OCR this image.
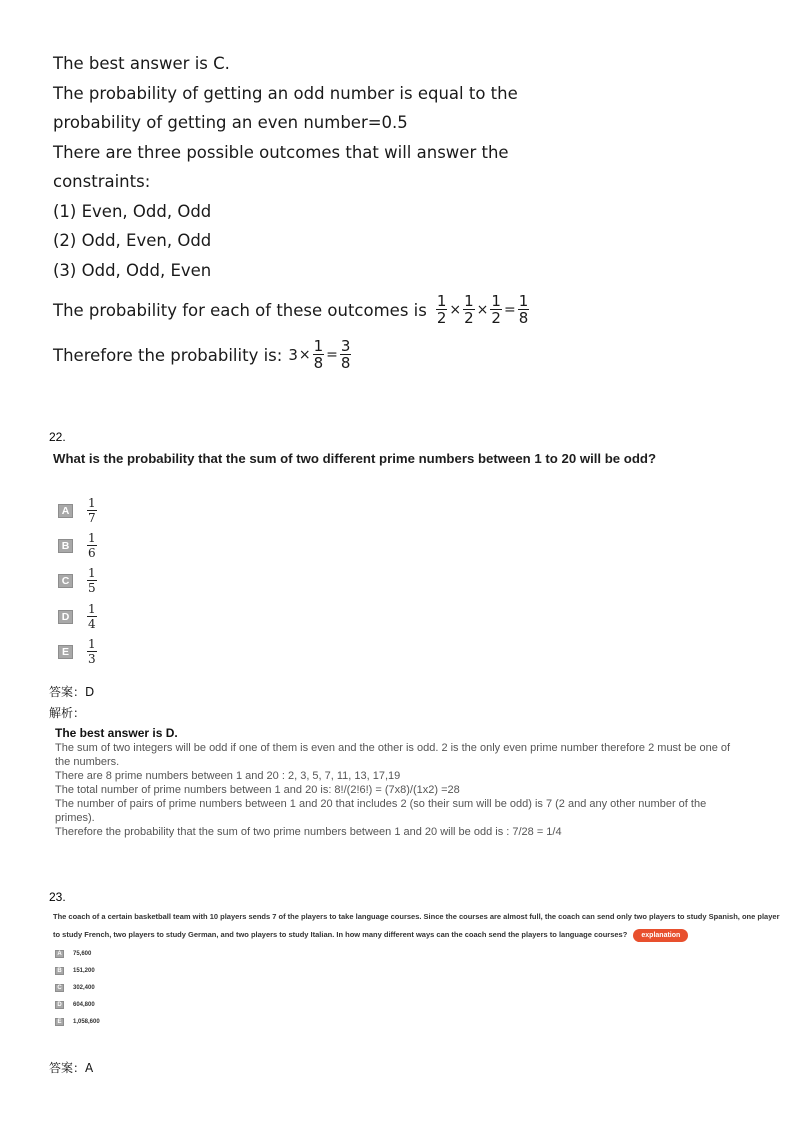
The best answer is C.
The probability of getting an odd number is equal to the
probability of getting an even number=0.5
There are three possible outcomes that will answer the
constraints:
(1) Even, Odd, Odd
(2) Odd, Even, Odd
(3) Odd, Odd, Even
The probability for each of these outcomes is $\frac{1}{2} \times \frac{1}{2} \times \frac{1}{2} = \frac{1}{8}$
Therefore the probability is: $3 \times \frac{1}{8} = \frac{3}{8}$
22.
What is the probability that the sum of two different prime numbers between 1 to 20 will be odd?
A	$\frac{1}{7}$
B	$\frac{1}{6}$
C	$\frac{1}{5}$
D	$\frac{1}{4}$
E	$\frac{1}{3}$
答案：D
解析：
The best answer is D.
The sum of two integers will be odd if one of them is even and the other is odd. 2 is the only even prime number therefore 2 must be one of
the numbers.
There are 8 prime numbers between 1 and 20 : 2, 3, 5, 7, 11, 13, 17,19
The total number of prime numbers between 1 and 20 is: 8!/(2!6!) = (7x8)/(1x2) =28
The number of pairs of prime numbers between 1 and 20 that includes 2 (so their sum will be odd) is 7 (2 and any other number of the
primes).
Therefore the probability that the sum of two prime numbers between 1 and 20 will be odd is : 7/28 = 1/4
23.
The coach of a certain basketball team with 10 players sends 7 of the players to take language courses. Since the courses are almost full, the coach can send only two players to study Spanish, one player to study French, two players to study German, and two players to study Italian. In how many different ways can the coach send the players to language courses? explanation
A	75,600
B	151,200
C	302,400
D	604,800
E	1,058,600
答案：A
